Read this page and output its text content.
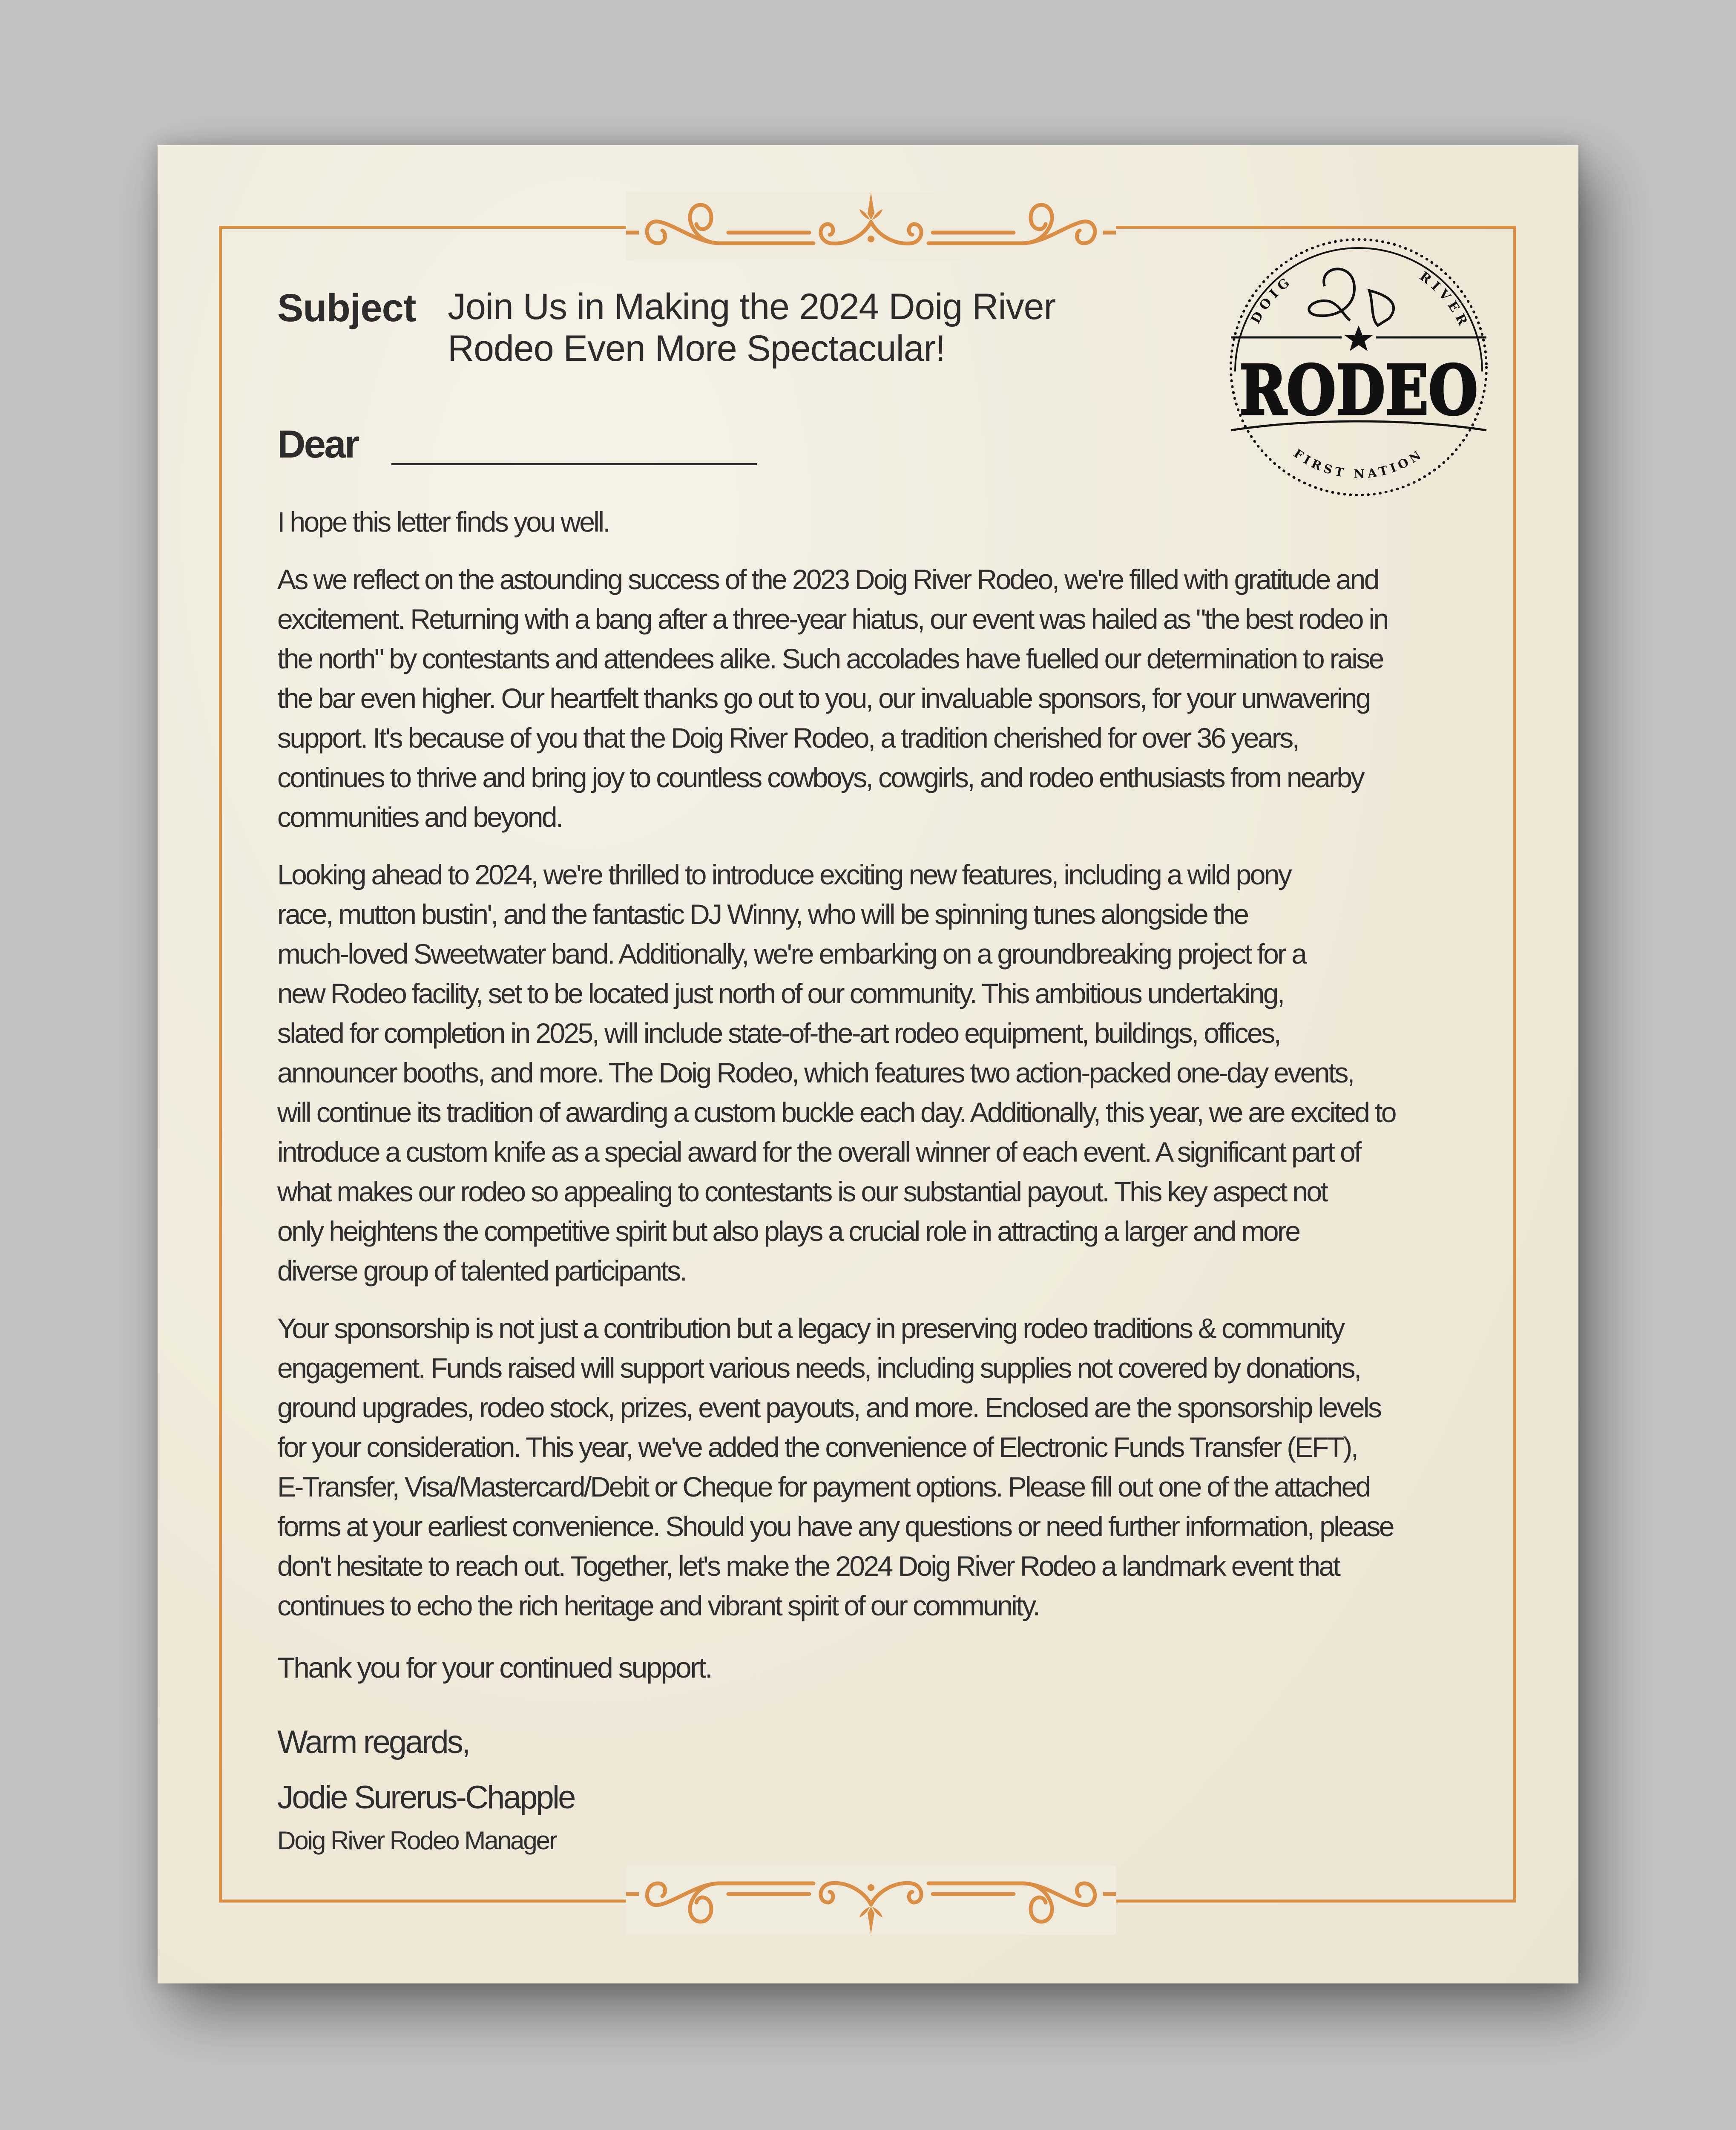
Subject Join Us in Making the 2024 Doig River
Rodeo Even More Spectacular!
Dear
DOIG	RIVER
RODEO
FIRST NATION

I hope this letter finds you well.

As we reflect on the astounding success of the 2023 Doig River Rodeo, we're filled with gratitude and
excitement. Returning with a bang after a three-year hiatus, our event was hailed as "the best rodeo in
the north" by contestants and attendees alike. Such accolades have fuelled our determination to raise
the bar even higher. Our heartfelt thanks go out to you, our invaluable sponsors, for your unwavering
support. It's because of you that the Doig River Rodeo, a tradition cherished for over 36 years,
continues to thrive and bring joy to countless cowboys, cowgirls, and rodeo enthusiasts from nearby
communities and beyond.

Looking ahead to 2024, we're thrilled to introduce exciting new features, including a wild pony
race, mutton bustin', and the fantastic DJ Winny, who will be spinning tunes alongside the
much-loved Sweetwater band. Additionally, we're embarking on a groundbreaking project for a
new Rodeo facility, set to be located just north of our community. This ambitious undertaking,
slated for completion in 2025, will include state-of-the-art rodeo equipment, buildings, offices,
announcer booths, and more. The Doig Rodeo, which features two action-packed one-day events,
will continue its tradition of awarding a custom buckle each day. Additionally, this year, we are excited to
introduce a custom knife as a special award for the overall winner of each event. A significant part of
what makes our rodeo so appealing to contestants is our substantial payout. This key aspect not
only heightens the competitive spirit but also plays a crucial role in attracting a larger and more
diverse group of talented participants.

Your sponsorship is not just a contribution but a legacy in preserving rodeo traditions & community
engagement. Funds raised will support various needs, including supplies not covered by donations,
ground upgrades, rodeo stock, prizes, event payouts, and more. Enclosed are the sponsorship levels
for your consideration. This year, we've added the convenience of Electronic Funds Transfer (EFT),
E-Transfer, Visa/Mastercard/Debit or Cheque for payment options. Please fill out one of the attached
forms at your earliest convenience. Should you have any questions or need further information, please
don't hesitate to reach out. Together, let's make the 2024 Doig River Rodeo a landmark event that
continues to echo the rich heritage and vibrant spirit of our community.

Thank you for your continued support.
Warm regards,
Jodie Surerus-Chapple
Doig River Rodeo Manager
